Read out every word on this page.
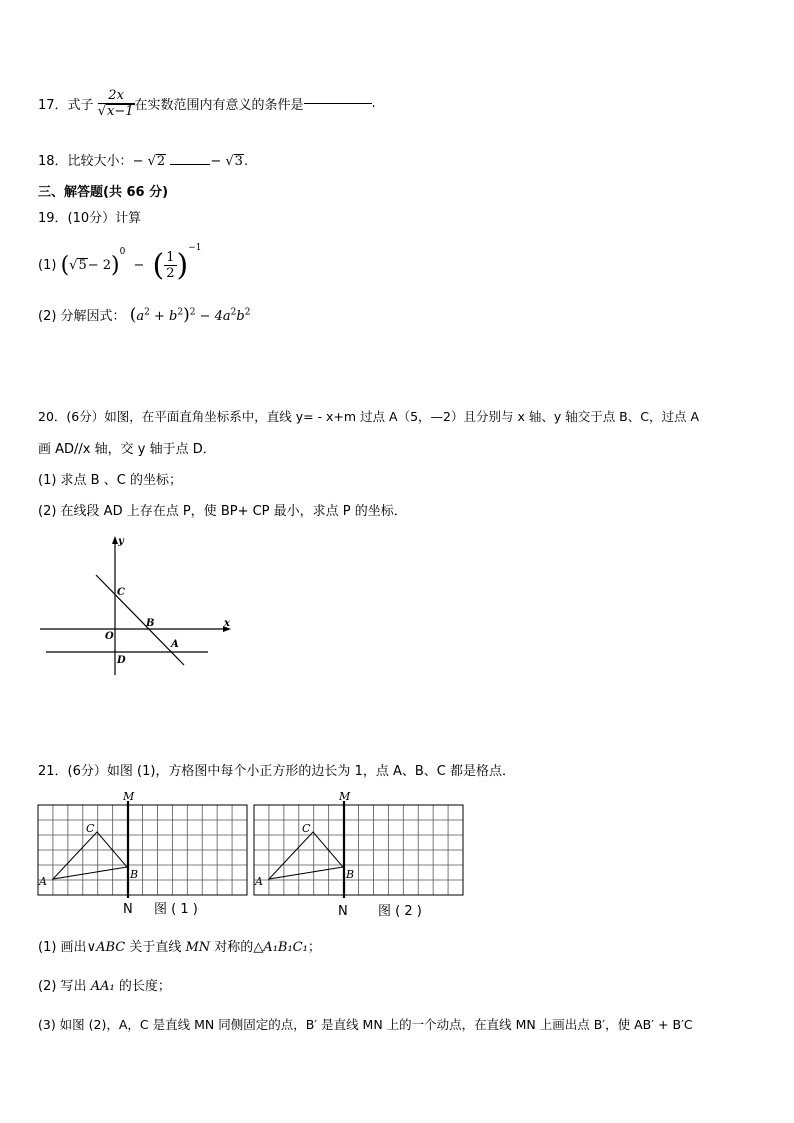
17．式子 $\frac{2x}{√x-1}$ 在实数范围内有意义的条件是	.
18．比较大小：− √2	− √3.
三、解答题(共 66 分)
19．(10分）计算
(1) $(√5- 2)^0$ − ( $\frac{1}{2} )^{-1}$
(2) 分解因式： $(a^2 + b^2)^2 - 4a^2b^2$
20．(6分）如图，在平面直角坐标系中，直线 y= - x+m 过点 A（5，—2）且分别与 x 轴、y 轴交于点 B、C，过点 A
画 AD//x 轴，交 y 轴于点 D．
(1) 求点 B 、C 的坐标；
(2) 在线段 AD 上存在点 P，使 BP+ CP 最小，求点 P 的坐标．
y
x
C
B
O
A
D
21．(6分）如图 (1)，方格图中每个小正方形的边长为 1，点 A、B、C 都是格点．
M
C
A
B
N 图 ( 1 )
M
C
A
B
N 图 ( 2 )
(1) 画出∨ABC 关于直线 MN 对称的△A₁B₁C₁；
(2) 写出 AA₁ 的长度；
(3) 如图 (2)，A，C 是直线 MN 同侧固定的点，B′ 是直线 MN 上的一个动点，在直线 MN 上画出点 B′，使 AB′ + B′C
